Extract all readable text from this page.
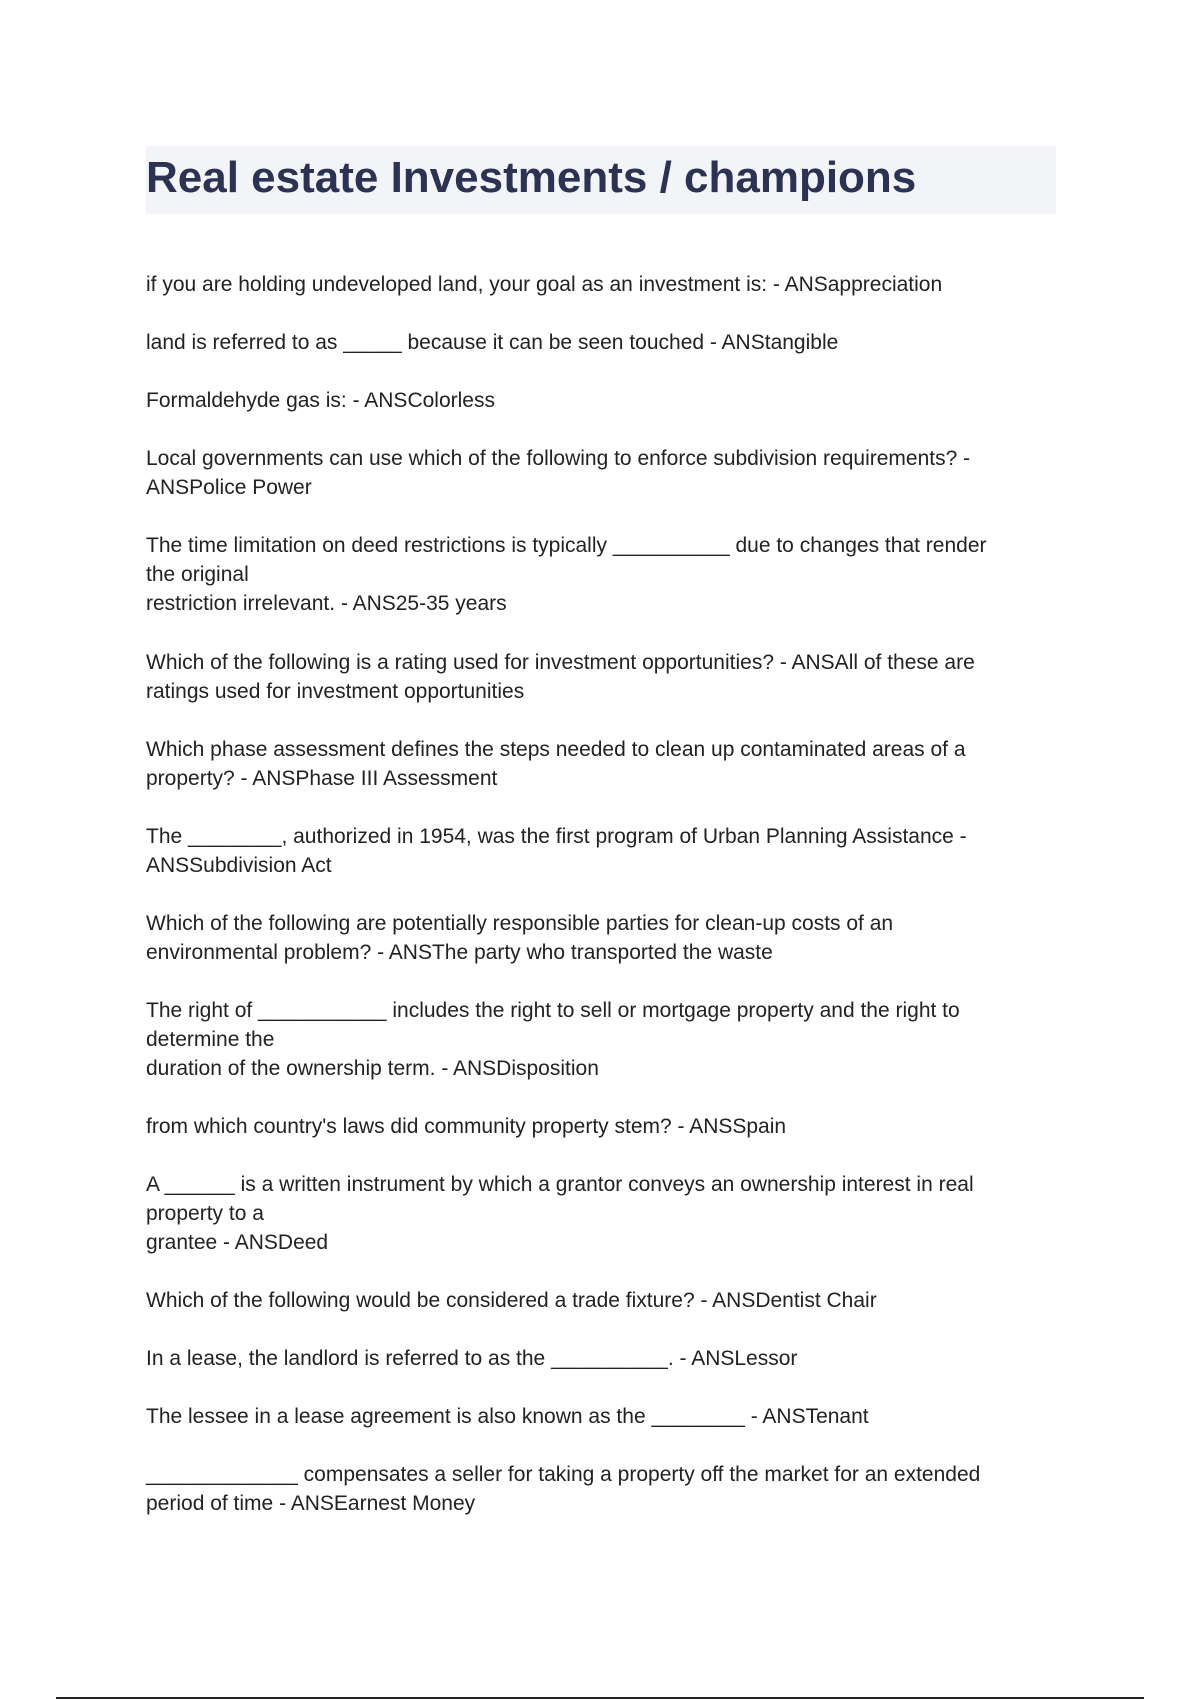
Real estate Investments / champions

if you are holding undeveloped land, your goal as an investment is: - ANSappreciation

land is referred to as _____ because it can be seen touched - ANStangible

Formaldehyde gas is: - ANSColorless

Local governments can use which of the following to enforce subdivision requirements? -
ANSPolice Power

The time limitation on deed restrictions is typically __________ due to changes that render
the original
restriction irrelevant. - ANS25-35 years

Which of the following is a rating used for investment opportunities? - ANSAll of these are
ratings used for investment opportunities

Which phase assessment defines the steps needed to clean up contaminated areas of a
property? - ANSPhase III Assessment

The ________, authorized in 1954, was the first program of Urban Planning Assistance -
ANSSubdivision Act

Which of the following are potentially responsible parties for clean-up costs of an
environmental problem? - ANSThe party who transported the waste

The right of ___________ includes the right to sell or mortgage property and the right to
determine the
duration of the ownership term. - ANSDisposition

from which country's laws did community property stem? - ANSSpain

A ______ is a written instrument by which a grantor conveys an ownership interest in real
property to a
grantee - ANSDeed

Which of the following would be considered a trade fixture? - ANSDentist Chair

In a lease, the landlord is referred to as the __________. - ANSLessor

The lessee in a lease agreement is also known as the ________ - ANSTenant

_____________ compensates a seller for taking a property off the market for an extended
period of time - ANSEarnest Money
